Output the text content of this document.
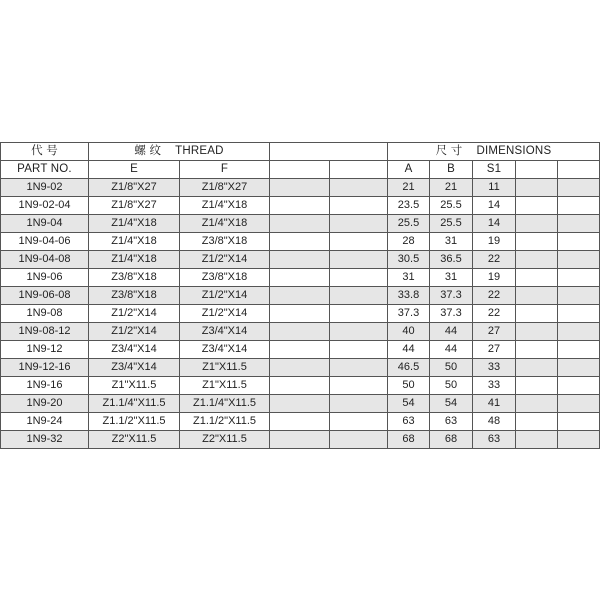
代 号	螺 纹 THREAD				尺 寸 DIMENSIONS				
PART NO.	E	F			A	B	S1		
1N9-02	Z1/8"X27	Z1/8"X27			21	21	11		
1N9-02-04	Z1/8"X27	Z1/4"X18			23.5	25.5	14		
1N9-04	Z1/4"X18	Z1/4"X18			25.5	25.5	14		
1N9-04-06	Z1/4"X18	Z3/8"X18			28	31	19		
1N9-04-08	Z1/4"X18	Z1/2"X14			30.5	36.5	22		
1N9-06	Z3/8"X18	Z3/8"X18			31	31	19		
1N9-06-08	Z3/8"X18	Z1/2"X14			33.8	37.3	22		
1N9-08	Z1/2"X14	Z1/2"X14			37.3	37.3	22		
1N9-08-12	Z1/2"X14	Z3/4"X14			40	44	27		
1N9-12	Z3/4"X14	Z3/4"X14			44	44	27		
1N9-12-16	Z3/4"X14	Z1"X11.5			46.5	50	33		
1N9-16	Z1"X11.5	Z1"X11.5			50	50	33		
1N9-20	Z1.1/4"X11.5	Z1.1/4"X11.5			54	54	41		
1N9-24	Z1.1/2"X11.5	Z1.1/2"X11.5			63	63	48		
1N9-32	Z2"X11.5	Z2"X11.5			68	68	63		
